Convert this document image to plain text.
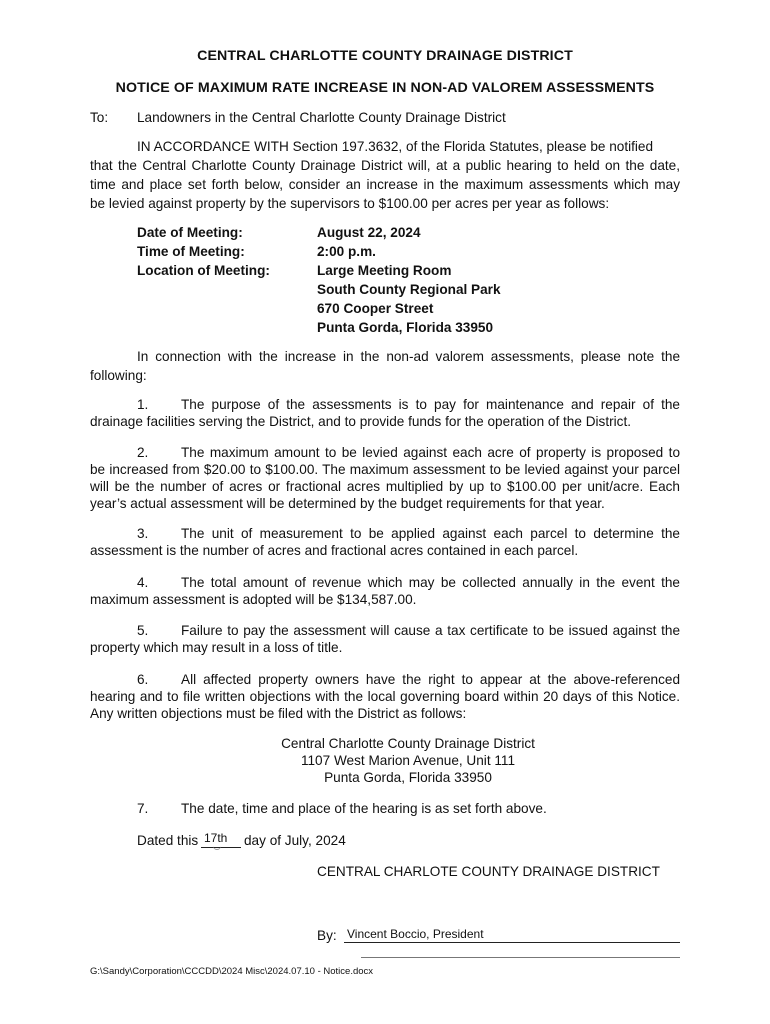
CENTRAL CHARLOTTE COUNTY DRAINAGE DISTRICT
NOTICE OF MAXIMUM RATE INCREASE IN NON-AD VALOREM ASSESSMENTS
To: Landowners in the Central Charlotte County Drainage District
IN ACCORDANCE WITH Section 197.3632, of the Florida Statutes, please be notified
that the Central Charlotte County Drainage District will, at a public hearing to held on the date,
time and place set forth below, consider an increase in the maximum assessments which may
be levied against property by the supervisors to $100.00 per acres per year as follows:
Date of Meeting:	August 22, 2024
Time of Meeting:	2:00 p.m.
Location of Meeting:	Large Meeting Room
South County Regional Park
670 Cooper Street
Punta Gorda, Florida 33950
In connection with the increase in the non-ad valorem assessments, please note the
following:
1. The purpose of the assessments is to pay for maintenance and repair of the
drainage facilities serving the District, and to provide funds for the operation of the District.
2. The maximum amount to be levied against each acre of property is proposed to
be increased from $20.00 to $100.00. The maximum assessment to be levied against your parcel
will be the number of acres or fractional acres multiplied by up to $100.00 per unit/acre. Each
year’s actual assessment will be determined by the budget requirements for that year.
3. The unit of measurement to be applied against each parcel to determine the
assessment is the number of acres and fractional acres contained in each parcel.
4. The total amount of revenue which may be collected annually in the event the
maximum assessment is adopted will be $134,587.00.
5. Failure to pay the assessment will cause a tax certificate to be issued against the
property which may result in a loss of title.
6. All affected property owners have the right to appear at the above-referenced
hearing and to file written objections with the local governing board within 20 days of this Notice.
Any written objections must be filed with the District as follows:
Central Charlotte County Drainage District
1107 West Marion Avenue, Unit 111
Punta Gorda, Florida 33950
7. The date, time and place of the hearing is as set forth above.
Dated this 17th day of July, 2024
CENTRAL CHARLOTE COUNTY DRAINAGE DISTRICT
By: Vincent Boccio, President
G:\Sandy\Corporation\CCCDD\2024 Misc\2024.07.10 - Notice.docx
